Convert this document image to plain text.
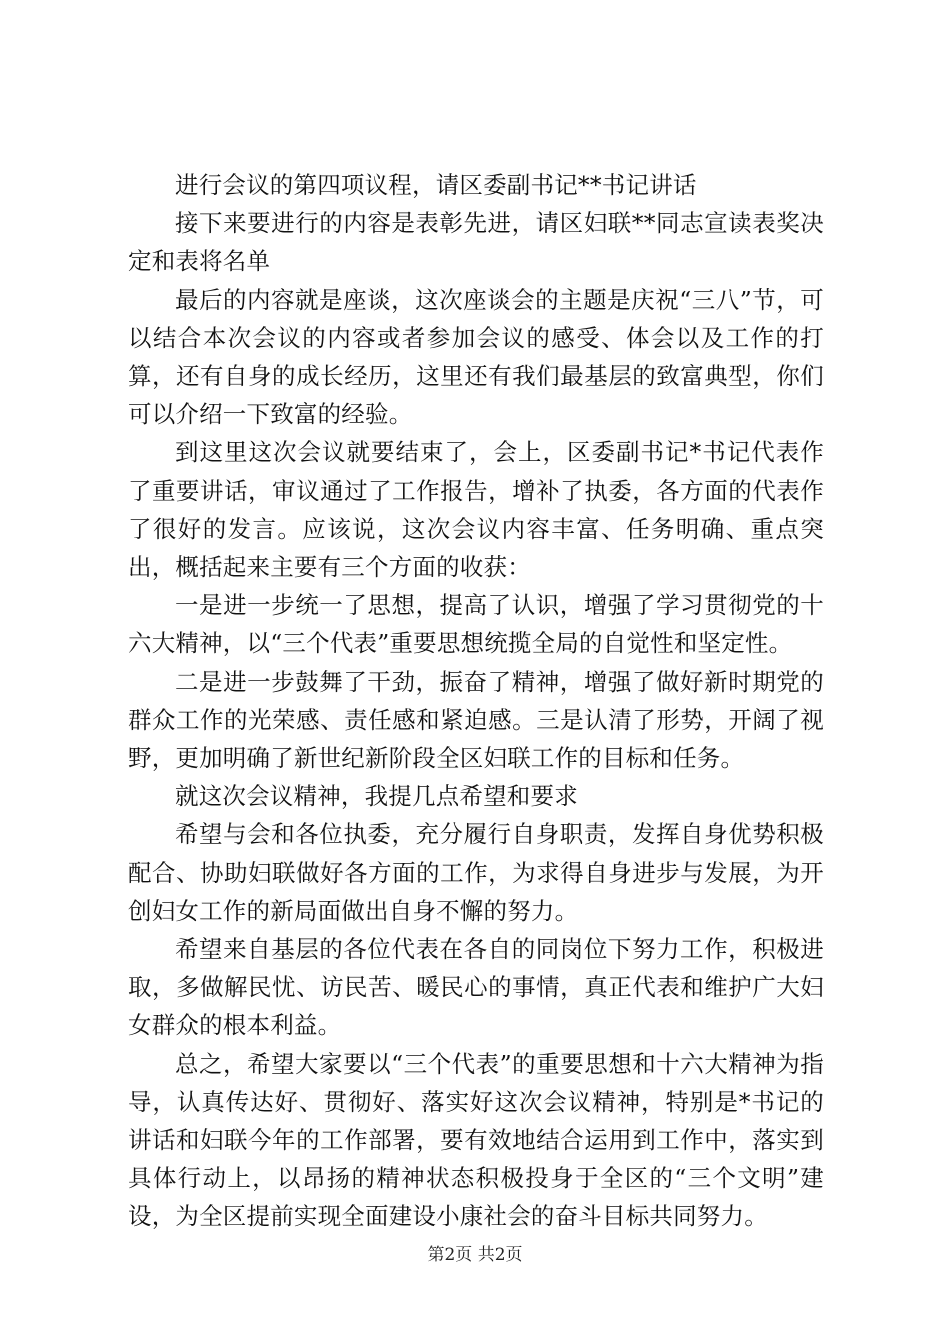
进行会议的第四项议程，请区委副书记**书记讲话

接下来要进行的内容是表彰先进，请区妇联**同志宣读表奖决定和表将名单

最后的内容就是座谈，这次座谈会的主题是庆祝“三八”节，可以结合本次会议的内容或者参加会议的感受、体会以及工作的打算，还有自身的成长经历，这里还有我们最基层的致富典型，你们可以介绍一下致富的经验。

到这里这次会议就要结束了，会上，区委副书记*书记代表作了重要讲话，审议通过了工作报告，增补了执委，各方面的代表作了很好的发言。应该说，这次会议内容丰富、任务明确、重点突出，概括起来主要有三个方面的收获：

一是进一步统一了思想，提高了认识，增强了学习贯彻党的十六大精神，以“三个代表”重要思想统揽全局的自觉性和坚定性。

二是进一步鼓舞了干劲，振奋了精神，增强了做好新时期党的群众工作的光荣感、责任感和紧迫感。三是认清了形势，开阔了视野，更加明确了新世纪新阶段全区妇联工作的目标和任务。

就这次会议精神，我提几点希望和要求

希望与会和各位执委，充分履行自身职责，发挥自身优势积极配合、协助妇联做好各方面的工作，为求得自身进步与发展，为开创妇女工作的新局面做出自身不懈的努力。

希望来自基层的各位代表在各自的同岗位下努力工作，积极进取，多做解民忧、访民苦、暖民心的事情，真正代表和维护广大妇女群众的根本利益。

总之，希望大家要以“三个代表”的重要思想和十六大精神为指导，认真传达好、贯彻好、落实好这次会议精神，特别是*书记的讲话和妇联今年的工作部署，要有效地结合运用到工作中，落实到具体行动上，以昂扬的精神状态积极投身于全区的“三个文明”建设，为全区提前实现全面建设小康社会的奋斗目标共同努力。

第2页 共2页
